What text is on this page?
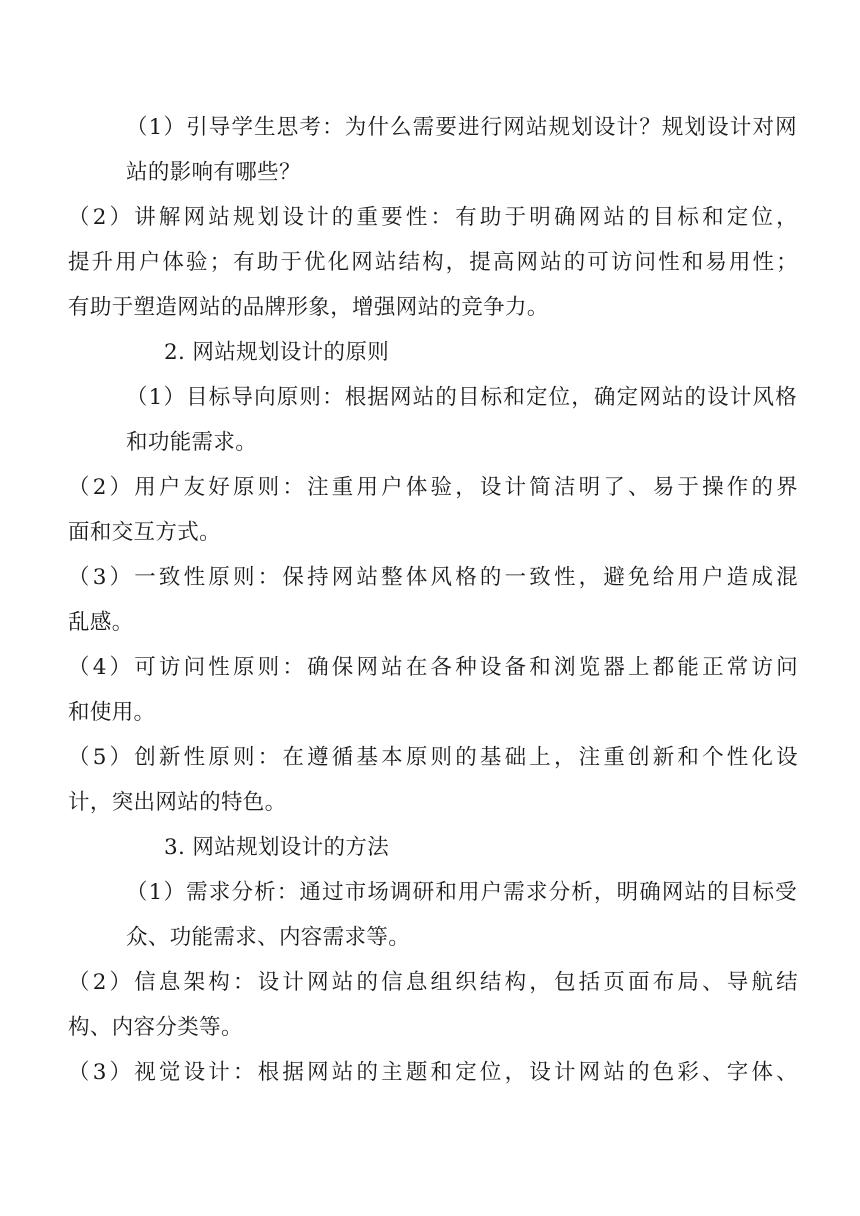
（1）引导学生思考：为什么需要进行网站规划设计？规划设计对网
站的影响有哪些？
（2）讲解网站规划设计的重要性：有助于明确网站的目标和定位，
提升用户体验；有助于优化网站结构，提高网站的可访问性和易用性；
有助于塑造网站的品牌形象，增强网站的竞争力。
2. 网站规划设计的原则
（1）目标导向原则：根据网站的目标和定位，确定网站的设计风格
和功能需求。
（2）用户友好原则：注重用户体验，设计简洁明了、易于操作的界
面和交互方式。
（3）一致性原则：保持网站整体风格的一致性，避免给用户造成混
乱感。
（4）可访问性原则：确保网站在各种设备和浏览器上都能正常访问
和使用。
（5）创新性原则：在遵循基本原则的基础上，注重创新和个性化设
计，突出网站的特色。
3. 网站规划设计的方法
（1）需求分析：通过市场调研和用户需求分析，明确网站的目标受
众、功能需求、内容需求等。
（2）信息架构：设计网站的信息组织结构，包括页面布局、导航结
构、内容分类等。
（3）视觉设计：根据网站的主题和定位，设计网站的色彩、字体、
